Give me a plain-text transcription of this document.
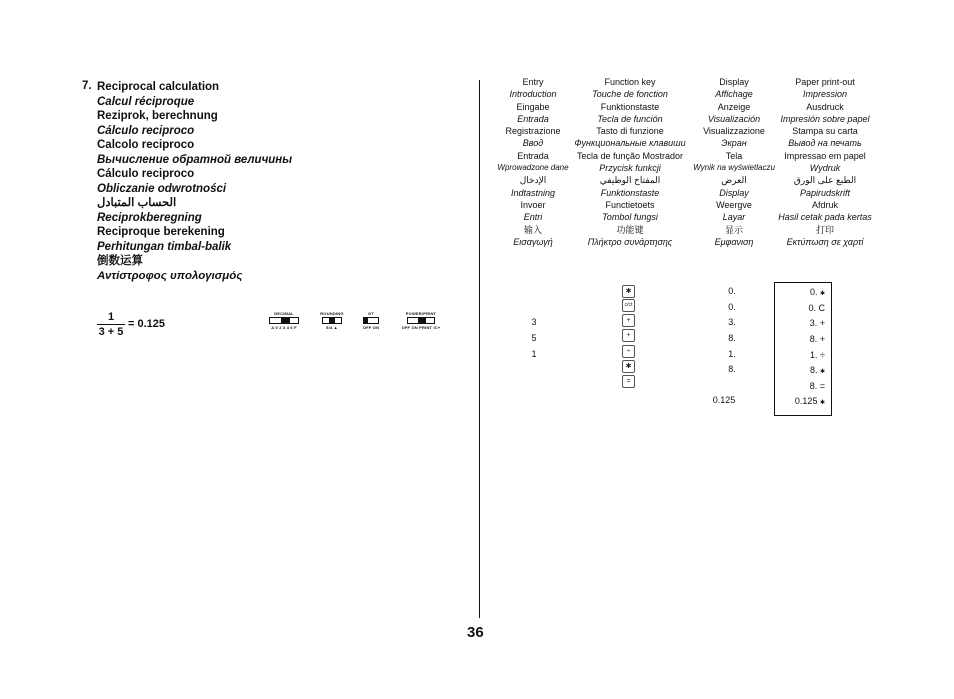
7. Reciprocal calculation
Calcul réciproque
Reziprok, berechnung
Cálculo reciproco
Calcolo reciproco
Вычисление обратной величины
Cálculo reciproco
Obliczanie odwrotności
الحساب المتبادل
Reciprokberegning
Reciproque berekening
Perhitungan timbal-balik
倒数运算
Αντίστροφος υπολογισμός
1
3 + 5
= 0.125
DECIMAL
A 0 2 3 4 6 F
ROUNDING
5/4 ▲
GT
OFF ON
POWER/PRINT
OFF ON PRINT IC+
36
Entry
Introduction
Eingabe
Entrada
Registrazione
Ввод
Entrada
Wprowadzone dane
الإدخال
Indtastning
Invoer
Entri
输入
Εισαγωγή
Function key
Touche de fonction
Funktionstaste
Tecla de función
Tasto di funzione
Функциональные клавиши
Tecla de função Mostrador
Przycisk funkcji
المفتاح الوظيفي
Funktionstaste
Functietoets
Tombol fungsi
功能键
Πλήκτρο συνάρτησης
Display
Affichage
Anzeige
Visualización
Visualizzazione
Экран
Tela
Wynik na wyświetlaczu
العرض
Display
Weergve
Layar
显示
Εμφανιση
Paper print-out
Impression
Ausdruck
Impresión sobre papel
Stampa su carta
Вывод на печать
Impressao em papel
Wydruk
الطبع على الورق
Papirudskrift
Afdruk
Hasil cetak pada kertas
打印
Εκτύπωση σε χαρτί
3
5
1
✱
c/ct
+
+
÷
✱
=
0.
0.
3.
8.
1.
8.
0.125
0. ✱
0. C
3. +
8. +
1. ÷
8. ✱
8. =
0.125 ✱
